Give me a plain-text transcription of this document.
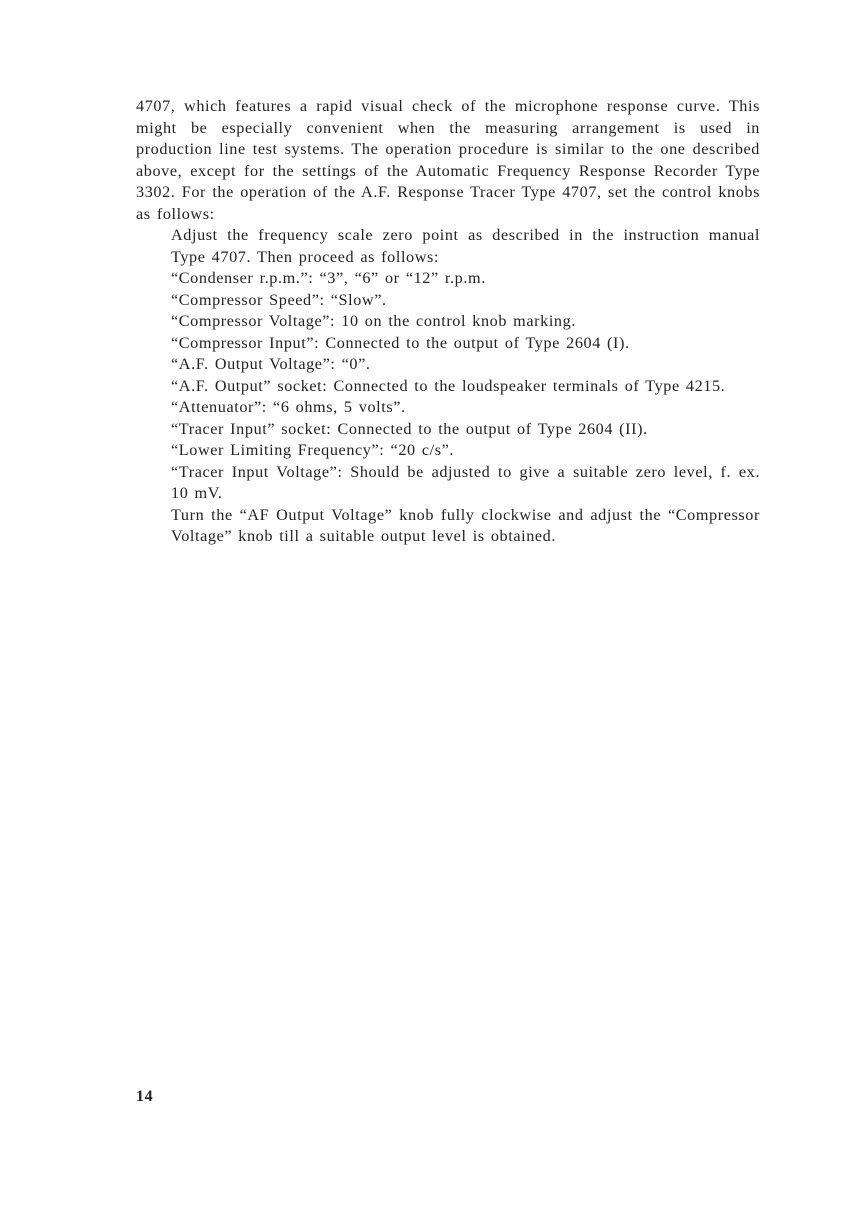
4707, which features a rapid visual check of the microphone response curve. This might be especially convenient when the measuring arrangement is used in production line test systems. The operation procedure is similar to the one described above, except for the settings of the Automatic Frequency Response Recorder Type 3302. For the operation of the A.F. Response Tracer Type 4707, set the control knobs as follows:

Adjust the frequency scale zero point as described in the instruction manual Type 4707. Then proceed as follows:
“Condenser r.p.m.”: “3”, “6” or “12” r.p.m.
“Compressor Speed”: “Slow”.
“Compressor Voltage”: 10 on the control knob marking.
“Compressor Input”: Connected to the output of Type 2604 (I).
“A.F. Output Voltage”: “0”.
“A.F. Output” socket: Connected to the loudspeaker terminals of Type 4215.
“Attenuator”: “6 ohms, 5 volts”.
“Tracer Input” socket: Connected to the output of Type 2604 (II).
“Lower Limiting Frequency”: “20 c/s”.
“Tracer Input Voltage”: Should be adjusted to give a suitable zero level, f. ex. 10 mV.
Turn the “AF Output Voltage” knob fully clockwise and adjust the “Compressor Voltage” knob till a suitable output level is obtained.
14
